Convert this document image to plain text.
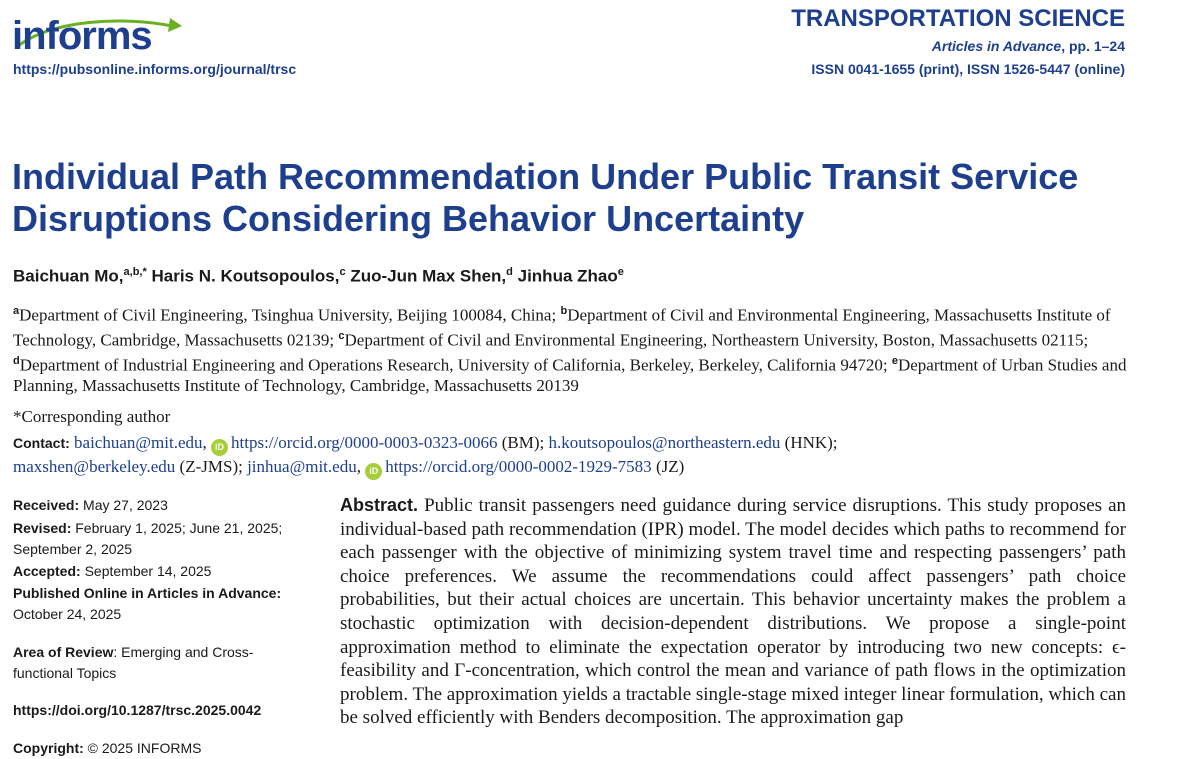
informs
https://pubsonline.informs.org/journal/trsc
TRANSPORTATION SCIENCE
Articles in Advance, pp. 1–24
ISSN 0041-1655 (print), ISSN 1526-5447 (online)
Individual Path Recommendation Under Public Transit Service Disruptions Considering Behavior Uncertainty
Baichuan Mo,$^{a,b,*}$ Haris N. Koutsopoulos,$^c$ Zuo-Jun Max Shen,$^d$ Jinhua Zhao$^e$
$^a$Department of Civil Engineering, Tsinghua University, Beijing 100084, China; $^b$Department of Civil and Environmental Engineering, Massachusetts Institute of Technology, Cambridge, Massachusetts 02139; $^c$Department of Civil and Environmental Engineering, Northeastern University, Boston, Massachusetts 02115; $^d$Department of Industrial Engineering and Operations Research, University of California, Berkeley, Berkeley, California 94720; $^e$Department of Urban Studies and Planning, Massachusetts Institute of Technology, Cambridge, Massachusetts 20139
*Corresponding author
Contact: baichuan@mit.edu, iD https://orcid.org/0000-0003-0323-0066 (BM); h.koutsopoulos@northeastern.edu (HNK);
maxshen@berkeley.edu (Z-JMS); jinhua@mit.edu, iD https://orcid.org/0000-0002-1929-7583 (JZ)
Received: May 27, 2023
Revised: February 1, 2025; June 21, 2025; September 2, 2025
Accepted: September 14, 2025
Published Online in Articles in Advance:
October 24, 2025
Area of Review: Emerging and Cross-functional Topics
https://doi.org/10.1287/trsc.2025.0042
Copyright: © 2025 INFORMS

Abstract. Public transit passengers need guidance during service disruptions. This study proposes an individual-based path recommendation (IPR) model. The model decides which paths to recommend for each passenger with the objective of minimizing system travel time and respecting passengers’ path choice preferences. We assume the recommendations could affect passengers’ path choice probabilities, but their actual choices are uncertain. This behavior uncertainty makes the problem a stochastic optimization with decision-dependent distributions. We propose a single-point approximation method to eliminate the expectation operator by introducing two new concepts: ϵ-feasibility and Γ-concentration, which control the mean and variance of path flows in the optimization problem. The approximation yields a tractable single-stage mixed integer linear formulation, which can be solved efficiently with Benders decomposition. The approximation gap
